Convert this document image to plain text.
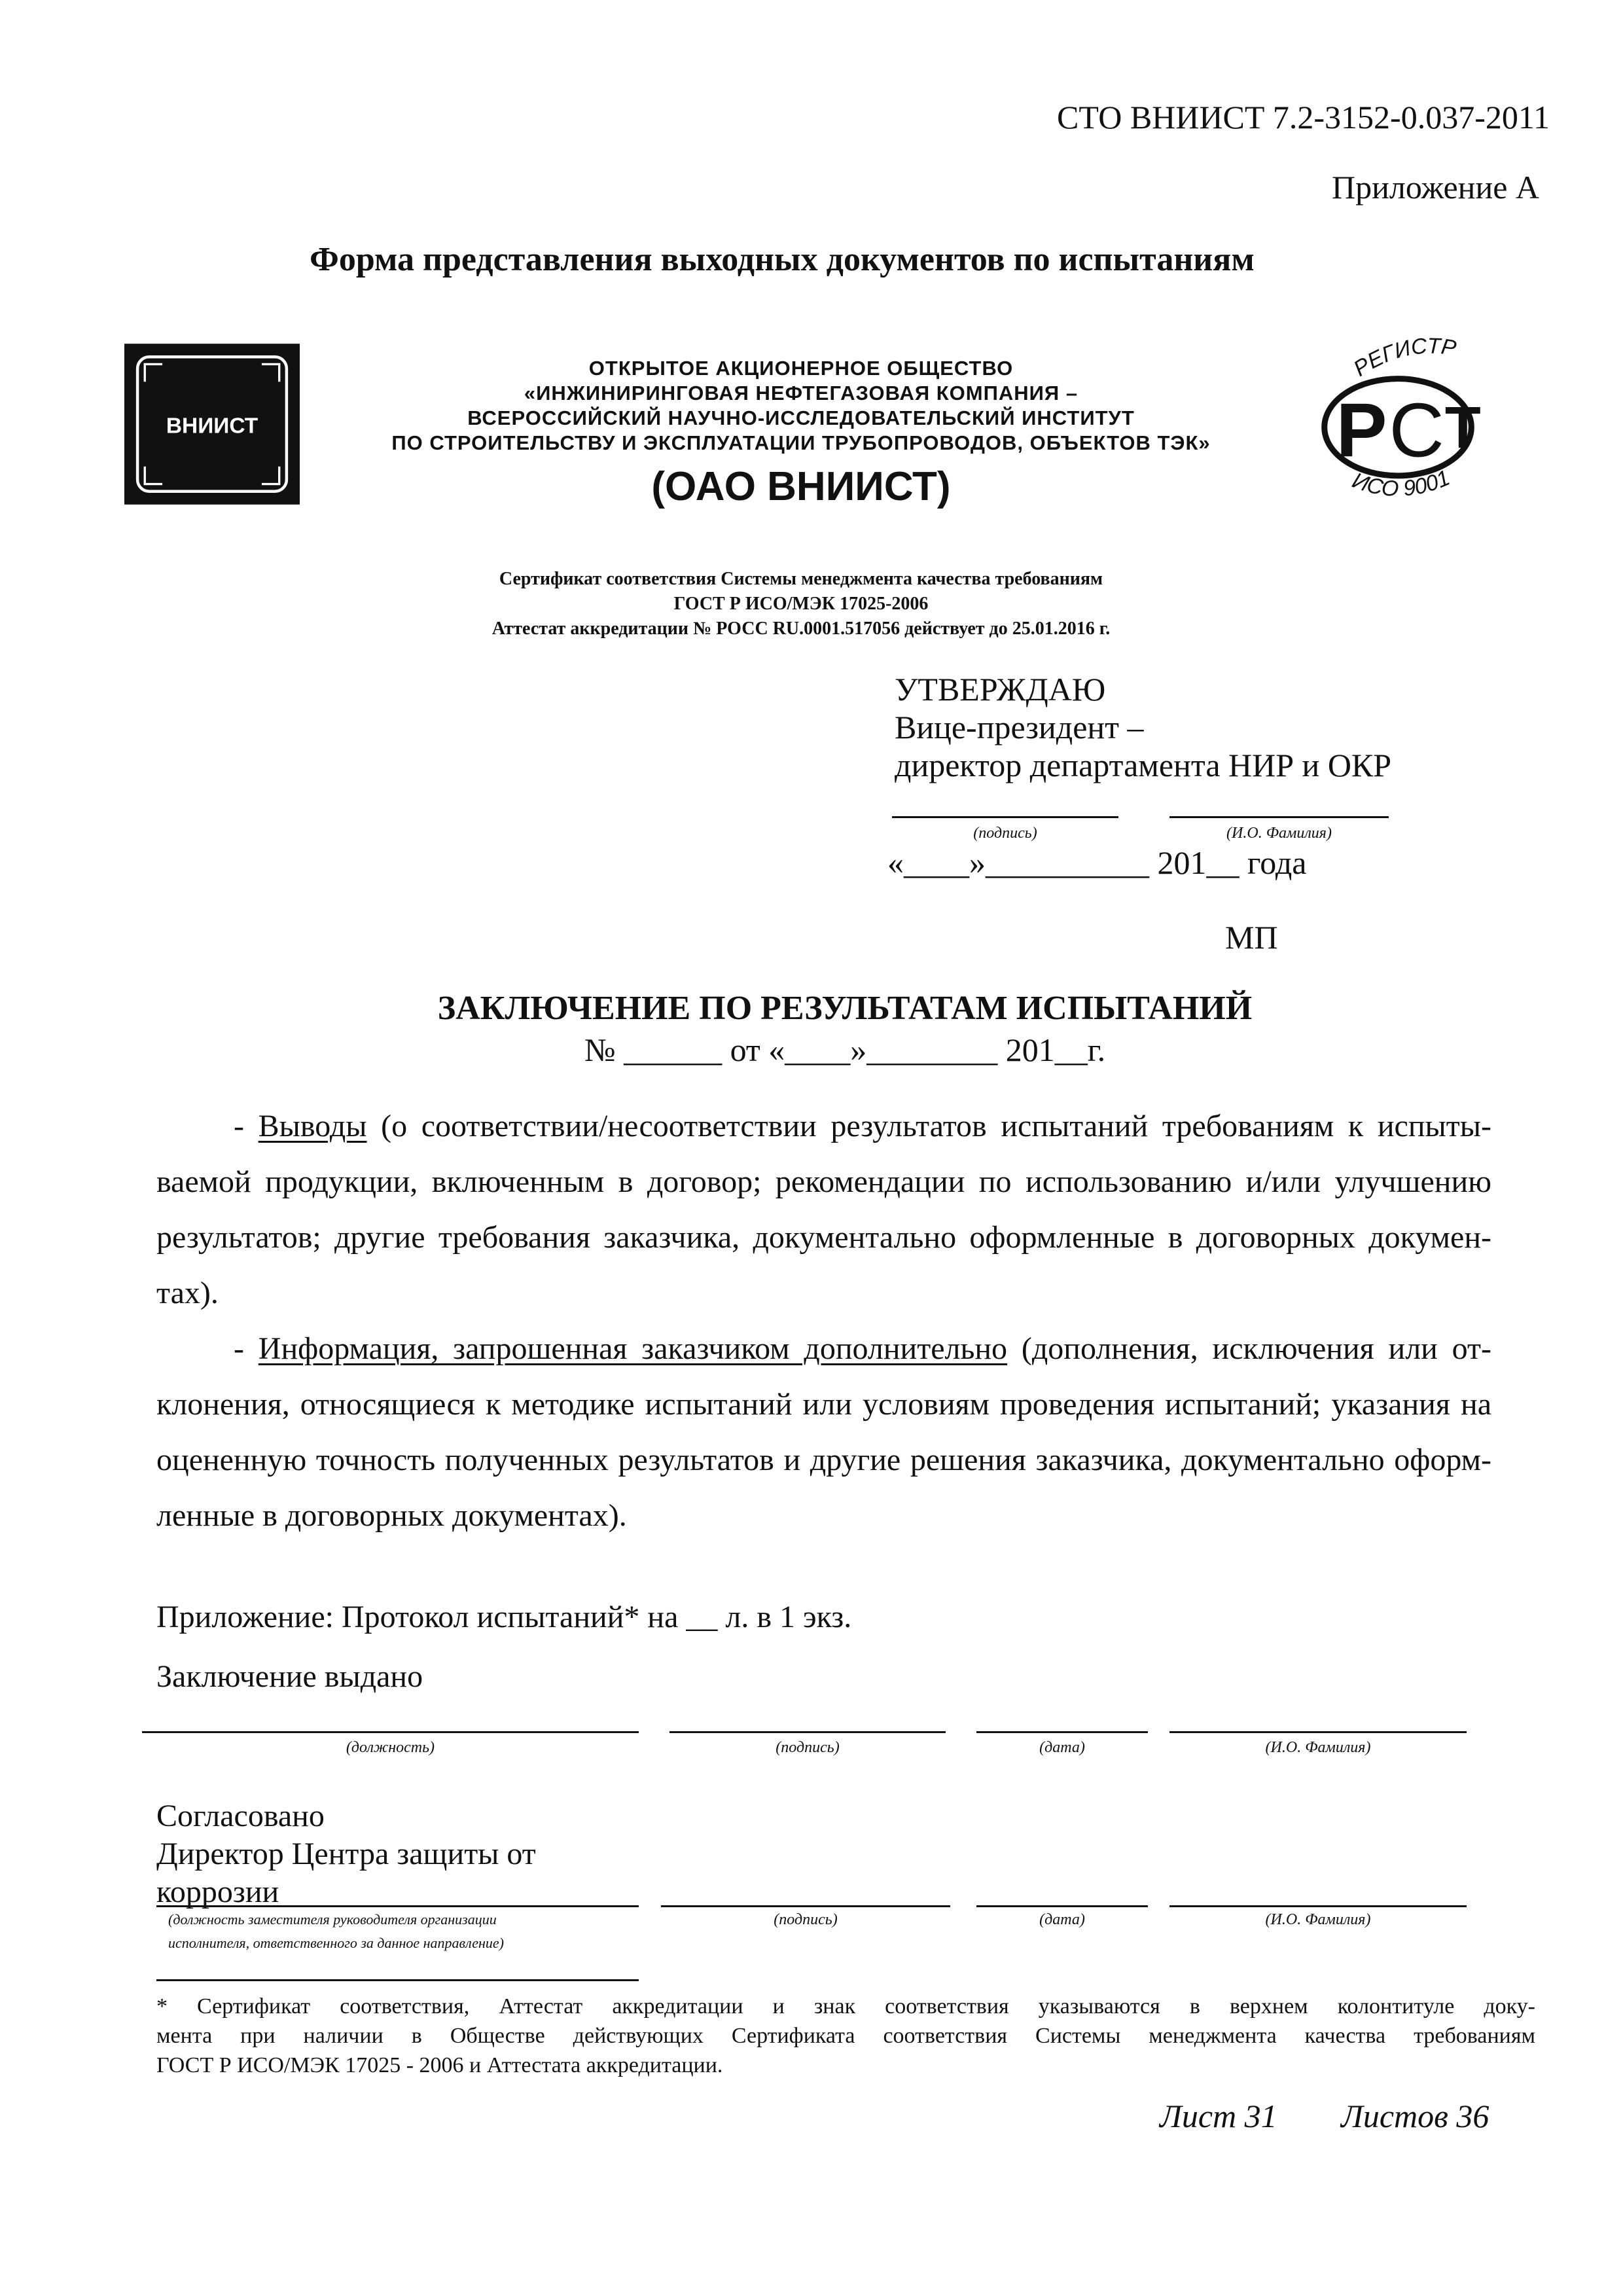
СТО ВНИИСТ 7.2-3152-0.037-2011
Приложение А
Форма представления выходных документов по испытаниям
ВНИИСТ
ОТКРЫТОЕ АКЦИОНЕРНОЕ ОБЩЕСТВО
«ИНЖИНИРИНГОВАЯ НЕФТЕГАЗОВАЯ КОМПАНИЯ –
ВСЕРОССИЙСКИЙ НАУЧНО-ИССЛЕДОВАТЕЛЬСКИЙ ИНСТИТУТ
ПО СТРОИТЕЛЬСТВУ И ЭКСПЛУАТАЦИИ ТРУБОПРОВОДОВ, ОБЪЕКТОВ ТЭК»
(ОАО ВНИИСТ)
Сертификат соответствия Системы менеджмента качества требованиям
ГОСТ Р ИСО/МЭК 17025-2006
Аттестат аккредитации № РОСС RU.0001.517056 действует до 25.01.2016 г.
РЕГИСТР
Р С Т
ИСО 9001
УТВЕРЖДАЮ
Вице-президент –
директор департамента НИР и ОКР
(подпись)	(И.О. Фамилия)
«____»__________ 201__ года
МП
ЗАКЛЮЧЕНИЕ ПО РЕЗУЛЬТАТАМ ИСПЫТАНИЙ
№ ______ от «____»________ 201__г.
- Выводы (о соответствии/несоответствии результатов испытаний требованиям к испыты-
ваемой продукции, включенным в договор; рекомендации по использованию и/или улучшению
результатов; другие требования заказчика, документально оформленные в договорных докумен-
тах).
- Информация, запрошенная заказчиком дополнительно (дополнения, исключения или от-
клонения, относящиеся к методике испытаний или условиям проведения испытаний; указания на
оцененную точность полученных результатов и другие решения заказчика, документально оформ-
ленные в договорных документах).
Приложение: Протокол испытаний* на __ л. в 1 экз.
Заключение выдано
(должность)	(подпись)	(дата)	(И.О. Фамилия)
Согласовано
Директор Центра защиты от
коррозии
(должность заместителя руководителя организации
исполнителя, ответственного за данное направление)
(подпись)	(дата)	(И.О. Фамилия)
* Сертификат соответствия, Аттестат аккредитации и знак соответствия указываются в верхнем колонтитуле доку-
мента при наличии в Обществе действующих Сертификата соответствия Системы менеджмента качества требованиям
ГОСТ Р ИСО/МЭК 17025 - 2006 и Аттестата аккредитации.
Лист 31 Листов 36
